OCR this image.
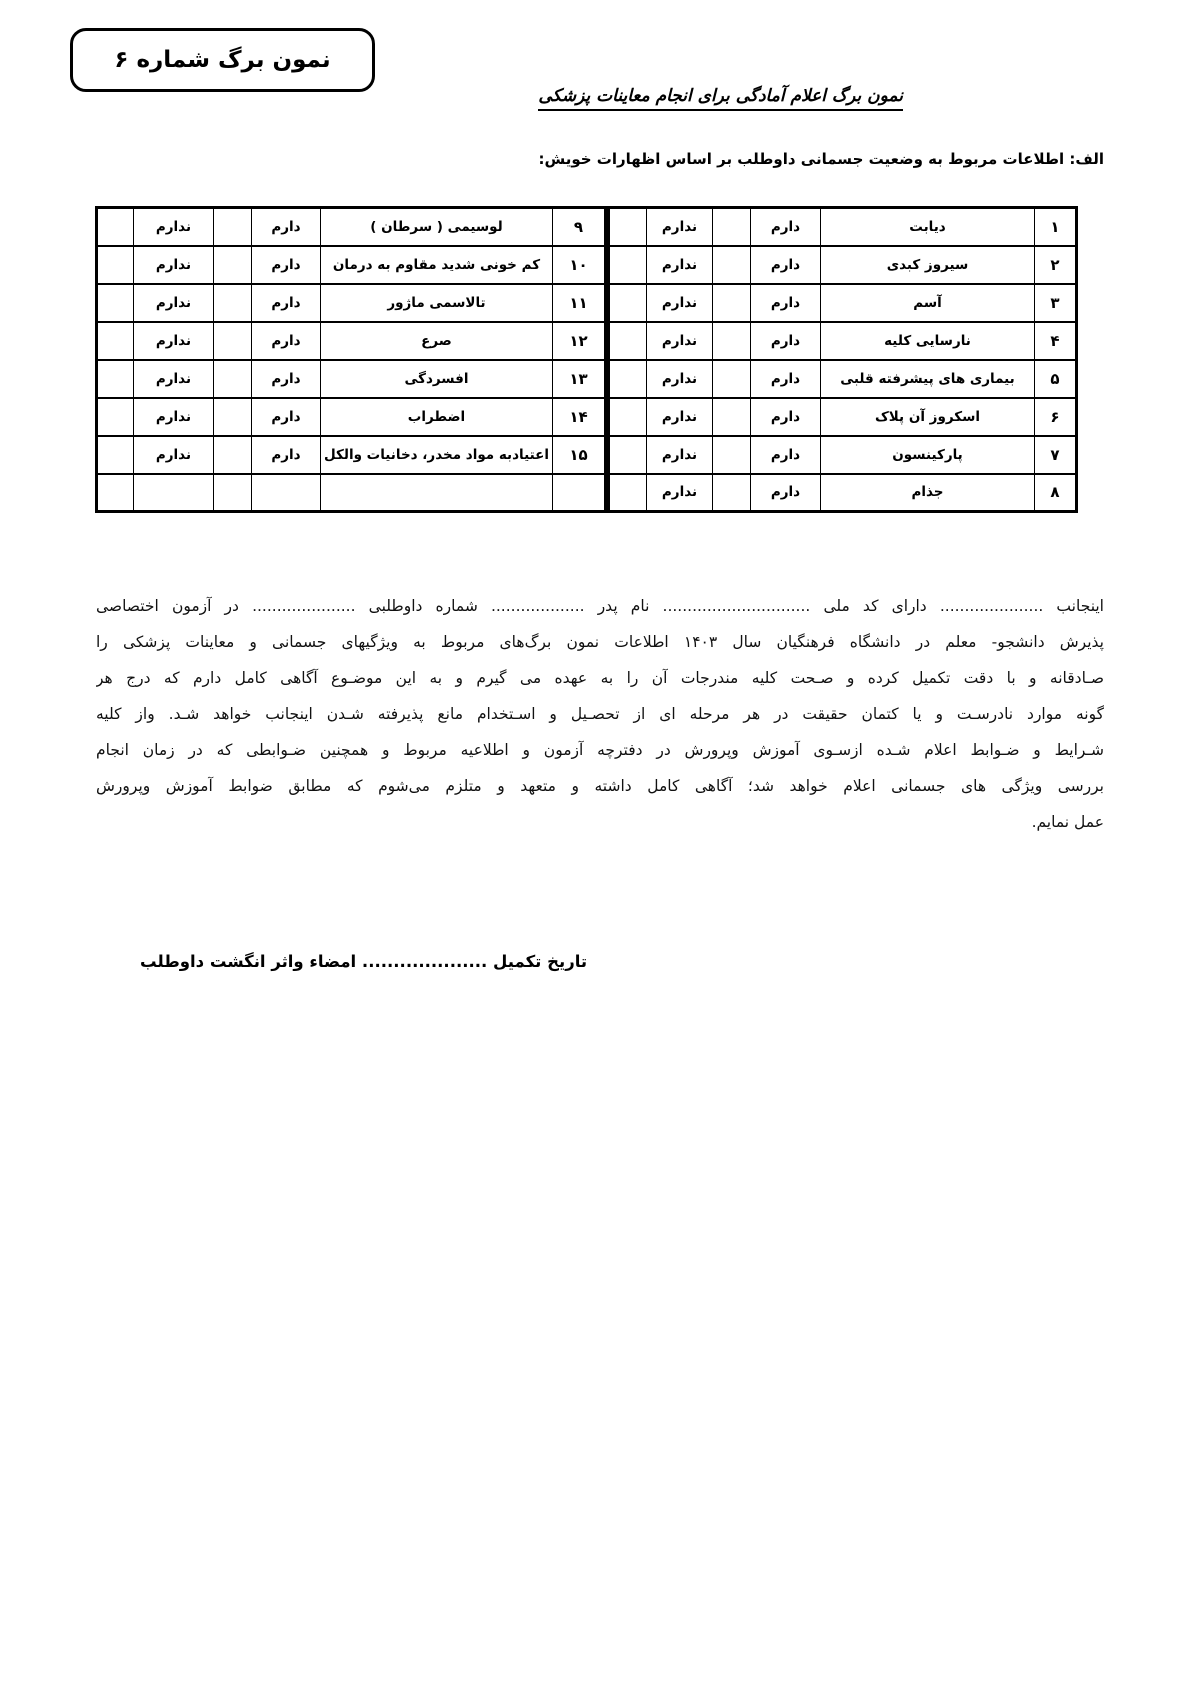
نمون برگ شماره ۶
نمون برگ اعلام آمادگی برای انجام معاینات پزشکی
الف: اطلاعات مربوط به وضعیت جسمانی داوطلب بر اساس اظهارات خویش:
۱	دیابت	دارم		ندارم	
۲	سیروز کبدی	دارم		ندارم	
۳	آسم	دارم		ندارم	
۴	نارسایی کلیه	دارم		ندارم	
۵	بیماری های پیشرفته قلبی	دارم		ندارم	
۶	اسکروز آن پلاک	دارم		ندارم	
۷	پارکینسون	دارم		ندارم	
۸	جذام	دارم		ندارم	
۹	لوسیمی ( سرطان )	دارم		ندارم	
۱۰	کم خونی شدید مقاوم به درمان	دارم		ندارم	
۱۱	تالاسمی ماژور	دارم		ندارم	
۱۲	صرع	دارم		ندارم	
۱۳	افسردگی	دارم		ندارم	
۱۴	اضطراب	دارم		ندارم	
۱۵	اعتیادبه مواد مخدر، دخانیات والکل	دارم		ندارم	

اینجانب ..................... دارای کد ملی .............................. نام پدر ................... شماره داوطلبی ..................... در آزمون اختصاصی
پذیرش دانشجو- معلم در دانشگاه فرهنگیان سال ۱۴۰۳ اطلاعات نمون برگ‌های مربوط به ویژگیهای جسمانی و معاینات پزشکی را
صـادقانه و با دقت تکمیل کرده و صـحت کلیه مندرجات آن را به عهده می گیرم و به این موضـوع آگاهی کامل دارم که درج هر
گونه موارد نادرسـت و یا کتمان حقیقت در هر مرحله ای از تحصـیل و اسـتخدام مانع پذیرفته شـدن اینجانب خواهد شـد. واز کلیه
شـرایط و ضـوابط اعلام شـده ازسـوی آموزش وپرورش در دفترچه آزمون و اطلاعیه مربوط و همچنین ضـوابطی که در زمان انجام
بررسی ویژگی های جسمانی اعلام خواهد شد؛ آگاهی کامل داشته و متعهد و متلزم می‌شوم که مطابق ضوابط آموزش وپرورش
عمل نمایم.
تاریخ تکمیل .................... امضاء واثر انگشت داوطلب
